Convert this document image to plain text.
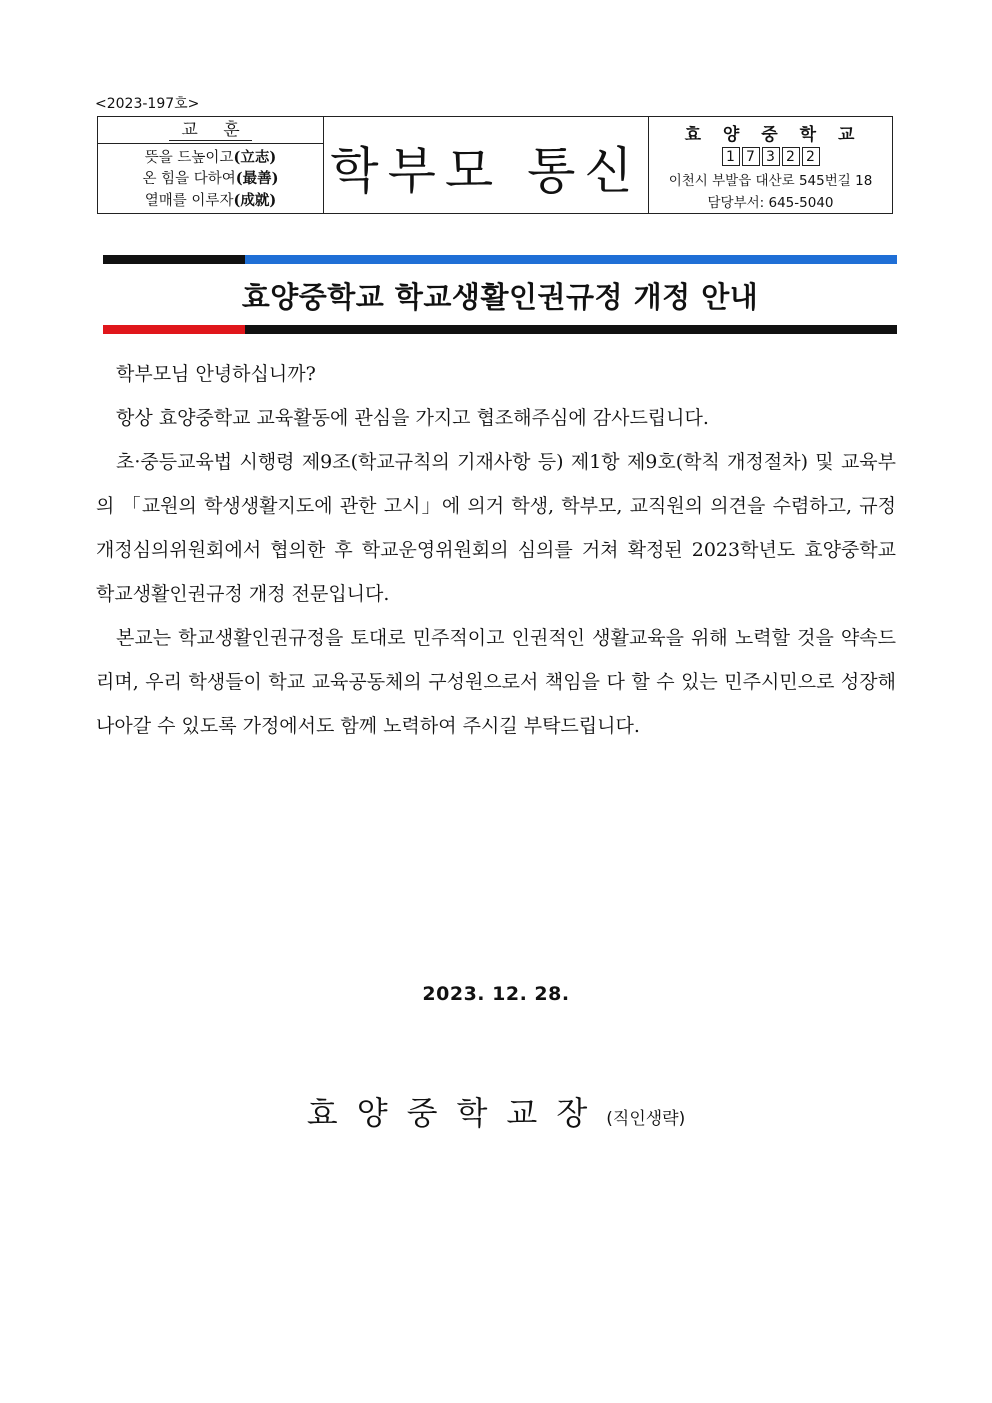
<2023-197호>
교 훈
뜻을 드높이고(立志)
온 힘을 다하여(最善)
열매를 이루자(成就)
학부모 통신
효 양 중 학 교
1 7 3 2 2
이천시 부발읍 대산로 545번길 18
담당부서: 645-5040
효양중학교 학교생활인권규정 개정 안내

학부모님 안녕하십니까?

항상 효양중학교 교육활동에 관심을 가지고 협조해주심에 감사드립니다.

초·중등교육법 시행령 제9조(학교규칙의 기재사항 등) 제1항 제9호(학칙 개정절차) 및 교육부의 「교원의 학생생활지도에 관한 고시」에 의거 학생, 학부모, 교직원의 의견을 수렴하고, 규정개정심의위원회에서 협의한 후 학교운영위원회의 심의를 거쳐 확정된 2023학년도 효양중학교 학교생활인권규정 개정 전문입니다.

본교는 학교생활인권규정을 토대로 민주적이고 인권적인 생활교육을 위해 노력할 것을 약속드리며, 우리 학생들이 학교 교육공동체의 구성원으로서 책임을 다 할 수 있는 민주시민으로 성장해 나아갈 수 있도록 가정에서도 함께 노력하여 주시길 부탁드립니다.

2023. 12. 28.
효양중학교장(직인생략)
